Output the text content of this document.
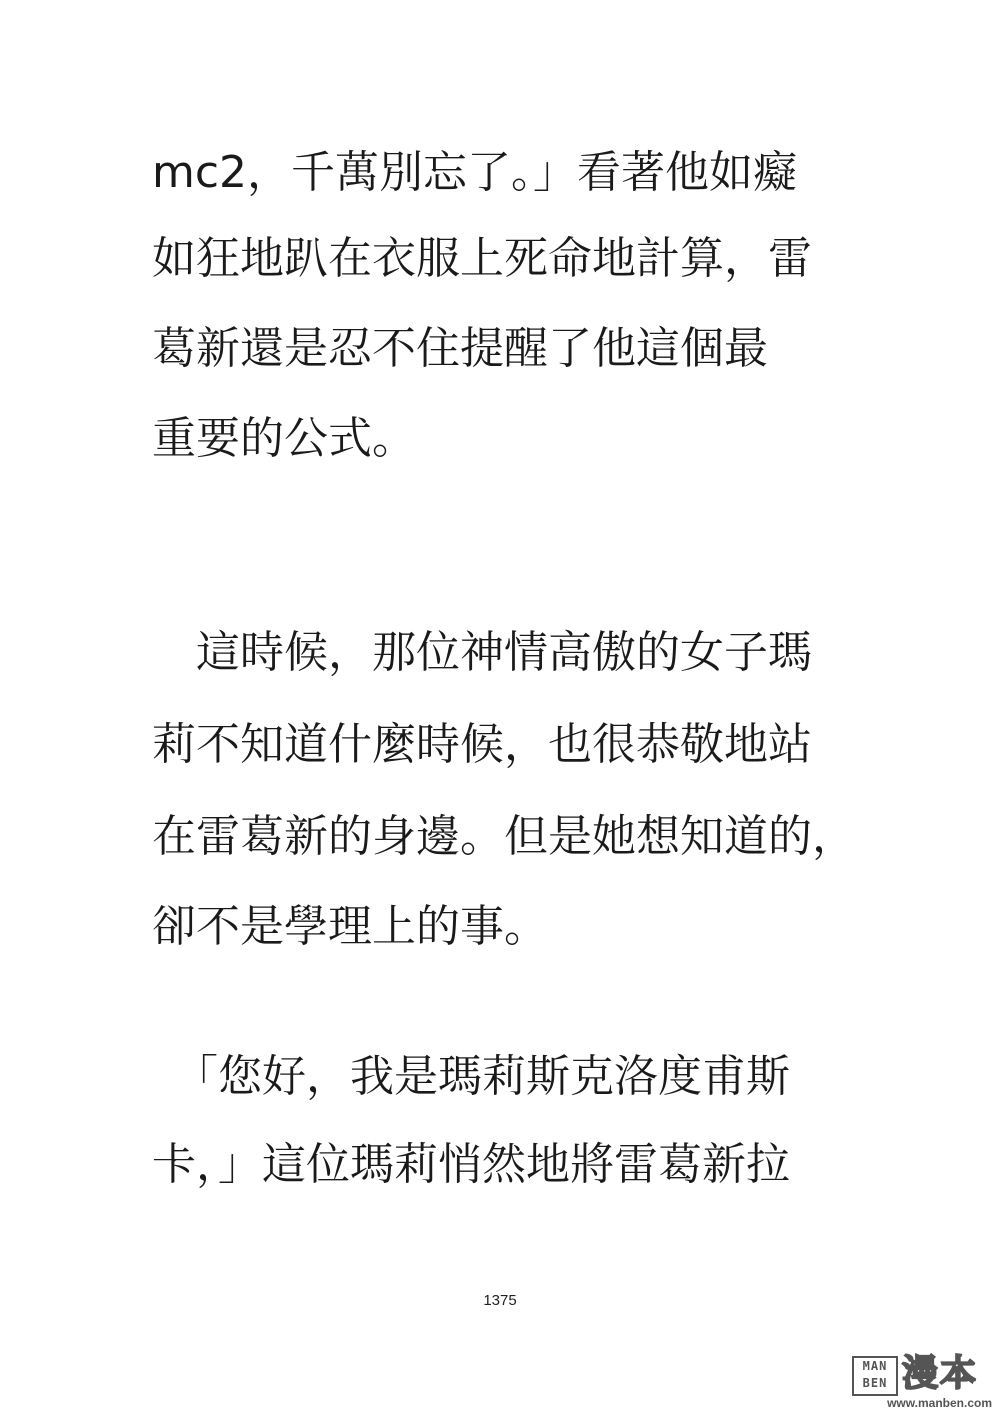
mc2，千萬別忘了。」看著他如癡
如狂地趴在衣服上死命地計算，雷
葛新還是忍不住提醒了他這個最
重要的公式。
　這時候，那位神情高傲的女子瑪
莉不知道什麼時候，也很恭敬地站
在雷葛新的身邊。但是她想知道的，
卻不是學理上的事。
　「您好，我是瑪莉斯克洛度甫斯
卡，」這位瑪莉悄然地將雷葛新拉
1375
MAN
BEN 漫本
www.manben.com
